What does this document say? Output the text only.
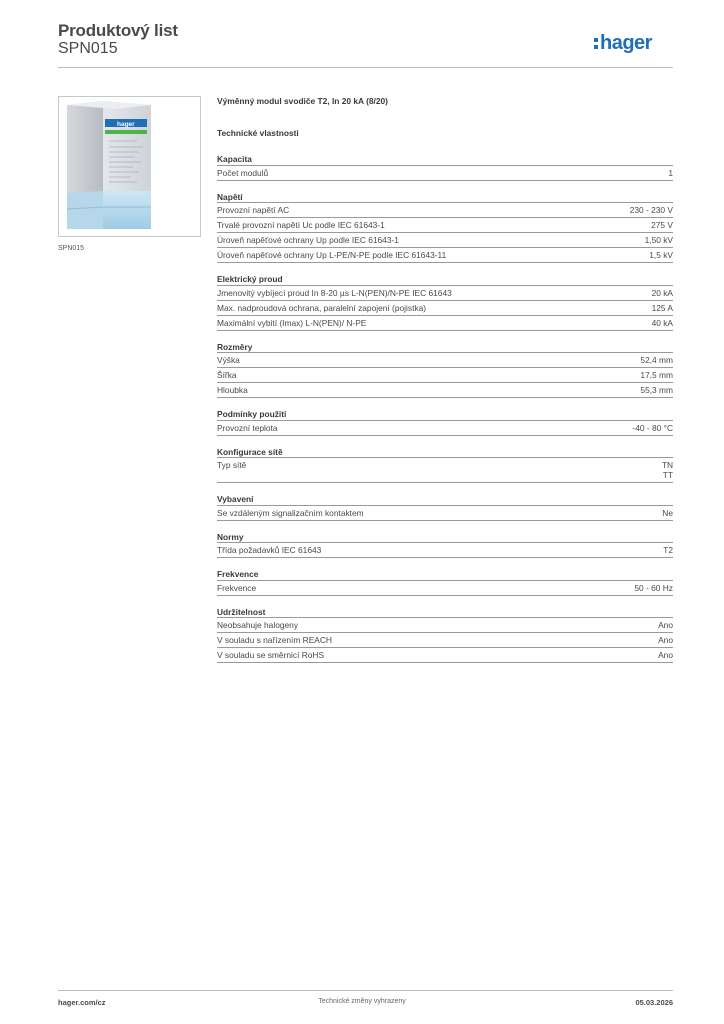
Produktový list
SPN015	hager
hager
SPN015
Výměnný modul svodiče T2, In 20 kA (8/20)
Technické vlastnosti
Kapacita
Počet modulů	1
Napětí
Provozní napětí AC	230 - 230 V
Trvalé provozní napětí Uc podle IEC 61643-1	275 V
Úroveň napěťové ochrany Up podle IEC 61643-1	1,50 kV
Úroveň napěťové ochrany Up L-PE/N-PE podle IEC 61643-11	1,5 kV
Elektrický proud
Jmenovitý vybíjecí proud In 8-20 µs L-N(PEN)/N-PE IEC 61643	20 kA
Max. nadproudová ochrana, paralelní zapojení (pojistka)	125 A
Maximální vybití (Imax) L-N(PEN)/ N-PE	40 kA
Rozměry
Výška	52,4 mm
Šířka	17,5 mm
Hloubka	55,3 mm
Podmínky použití
Provozní teplota	-40 - 80 °C
Konfigurace sítě
Typ sítě	TN
TT
Vybavení
Se vzdáleným signalizačním kontaktem	Ne
Normy
Třída požadavků IEC 61643	T2
Frekvence
Frekvence	50 - 60 Hz
Udržitelnost
Neobsahuje halogeny	Ano
V souladu s nařízením REACH	Ano
V souladu se směrnicí RoHS	Ano
hager.com/cz	Technické změny vyhrazeny	05.03.2026
